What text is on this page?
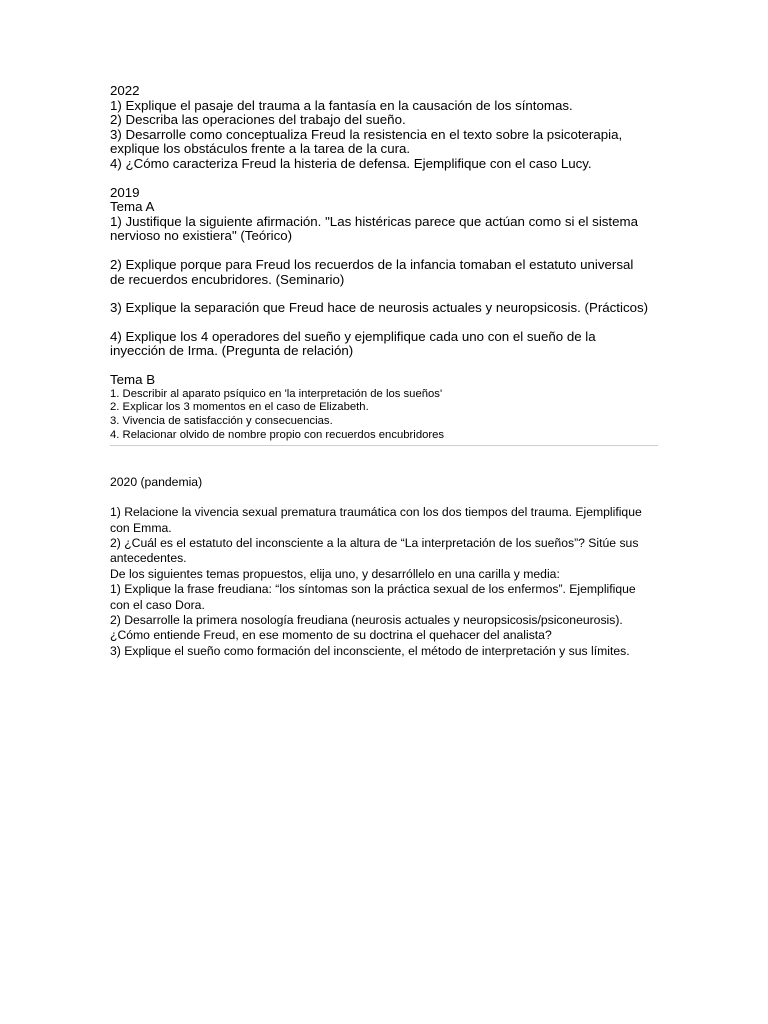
2022

1) Explique el pasaje del trauma a la fantasía en la causación de los síntomas.

2) Describa las operaciones del trabajo del sueño.

3) Desarrolle como conceptualiza Freud la resistencia en el texto sobre la psicoterapia,

explique los obstáculos frente a la tarea de la cura.

4) ¿Cómo caracteriza Freud la histeria de defensa. Ejemplifique con el caso Lucy.

2019

Tema A

1) Justifique la siguiente afirmación. "Las histéricas parece que actúan como si el sistema

nervioso no existiera" (Teórico)

2) Explique porque para Freud los recuerdos de la infancia tomaban el estatuto universal

de recuerdos encubridores. (Seminario)

3) Explique la separación que Freud hace de neurosis actuales y neuropsicosis. (Prácticos)

4) Explique los 4 operadores del sueño y ejemplifique cada uno con el sueño de la

inyección de Irma. (Pregunta de relación)

Tema B

1. Describir al aparato psíquico en 'la interpretación de los sueños'

2. Explicar los 3 momentos en el caso de Elizabeth.

3. Vivencia de satisfacción y consecuencias.

4. Relacionar olvido de nombre propio con recuerdos encubridores

2020 (pandemia)

1) Relacione la vivencia sexual prematura traumática con los dos tiempos del trauma. Ejemplifique

con Emma.

2) ¿Cuál es el estatuto del inconsciente a la altura de “La interpretación de los sueños”? Sitúe sus

antecedentes.

De los siguientes temas propuestos, elija uno, y desarróllelo en una carilla y media:

1) Explique la frase freudiana: “los síntomas son la práctica sexual de los enfermos”. Ejemplifique

con el caso Dora.

2) Desarrolle la primera nosología freudiana (neurosis actuales y neuropsicosis/psiconeurosis).

¿Cómo entiende Freud, en ese momento de su doctrina el quehacer del analista?

3) Explique el sueño como formación del inconsciente, el método de interpretación y sus límites.
